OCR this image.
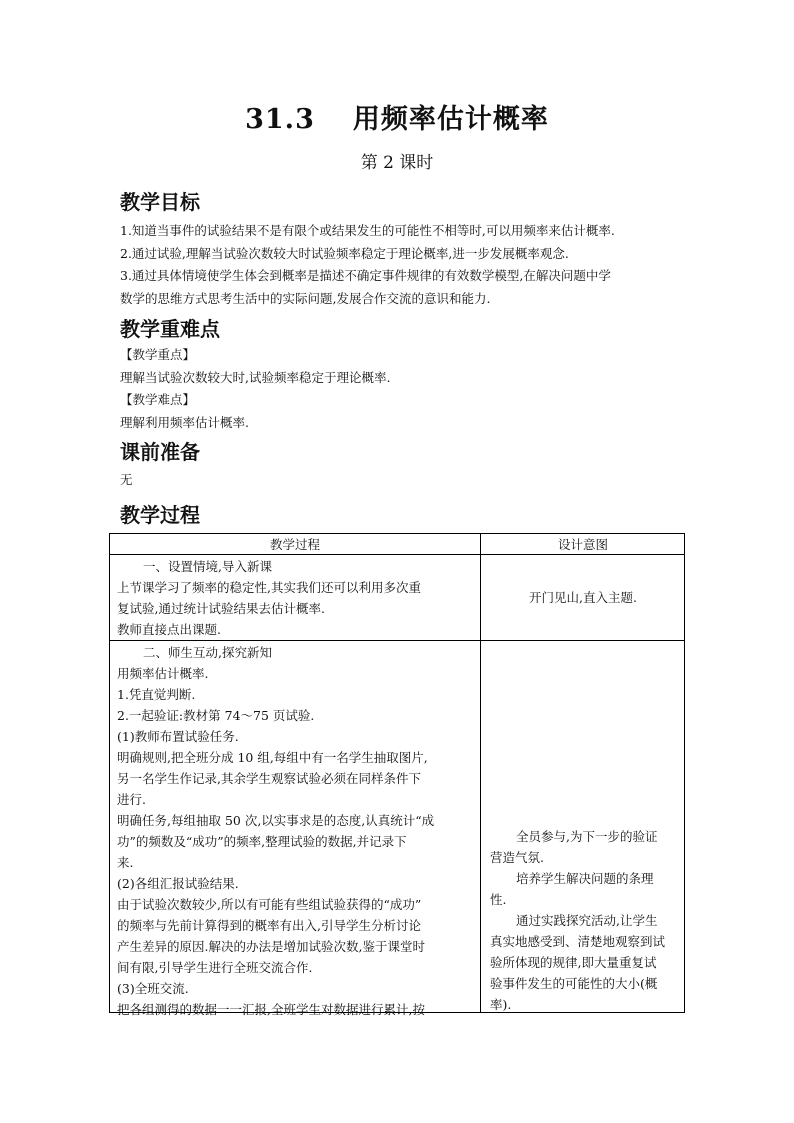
31.3 用频率估计概率
第 2 课时
教学目标
1.知道当事件的试验结果不是有限个或结果发生的可能性不相等时,可以用频率来估计概率.
2.通过试验,理解当试验次数较大时试验频率稳定于理论概率,进一步发展概率观念.
3.通过具体情境使学生体会到概率是描述不确定事件规律的有效数学模型,在解决问题中学
数学的思维方式思考生活中的实际问题,发展合作交流的意识和能力.
教学重难点
【教学重点】
理解当试验次数较大时,试验频率稳定于理论概率.
【教学难点】
理解利用频率估计概率.
课前准备
无
教学过程
教学过程	设计意图
一、设置情境,导入新课
上节课学习了频率的稳定性,其实我们还可以利用多次重
复试验,通过统计试验结果去估计概率.
教师直接点出课题.
开门见山,直入主题.
二、师生互动,探究新知
用频率估计概率.
1.凭直觉判断.
2.一起验证:教材第 74～75 页试验.
(1)教师布置试验任务.
明确规则,把全班分成 10 组,每组中有一名学生抽取图片,
另一名学生作记录,其余学生观察试验必须在同样条件下
进行.
明确任务,每组抽取 50 次,以实事求是的态度,认真统计“成
功”的频数及“成功”的频率,整理试验的数据,并记录下
来.
(2)各组汇报试验结果.
由于试验次数较少,所以有可能有些组试验获得的“成功”
的频率与先前计算得到的概率有出入,引导学生分析讨论
产生差异的原因.解决的办法是增加试验次数,鉴于课堂时
间有限,引导学生进行全班交流合作.
(3)全班交流.
把各组测得的数据一一汇报,全班学生对数据进行累计,按
全员参与,为下一步的验证
营造气氛.
培养学生解决问题的条理
性.
通过实践探究活动,让学生
真实地感受到、清楚地观察到试
验所体现的规律,即大量重复试
验事件发生的可能性的大小(概
率).
